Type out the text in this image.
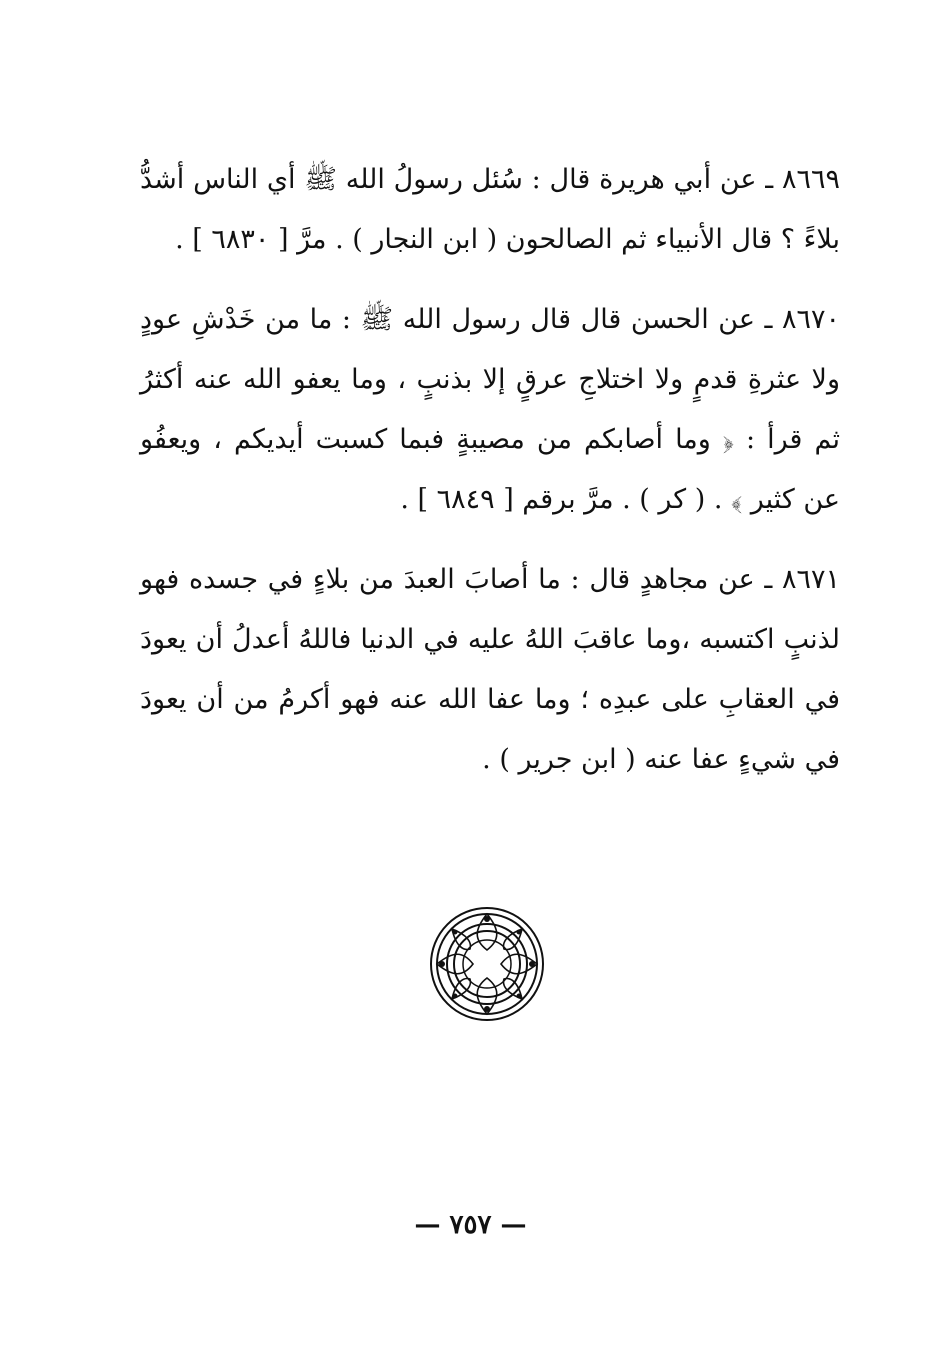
٨٦٦٩ ـ عن أبي هريرة قال : سُئل رسولُ الله ﷺ أي الناس أشدُّ بلاءً ؟ قال الأنبياء ثم الصالحون ( ابن النجار ) . مرَّ [ ٦٨٣٠ ] .

٨٦٧٠ ـ عن الحسن قال قال رسول الله ﷺ : ما من خَدْشِ عودٍ ولا عثرةِ قدمٍ ولا اختلاجِ عرقٍ إلا بذنبٍ ، وما يعفو الله عنه أكثرُ ثم قرأ : ﴿ وما أصابكم من مصيبةٍ فبما كسبت أيديكم ، ويعفُو عن كثير ﴾ . ( كر ) . مرَّ برقم [ ٦٨٤٩ ] .

٨٦٧١ ـ عن مجاهدٍ قال : ما أصابَ العبدَ من بلاءٍ في جسده فهو لذنبٍ اكتسبه ،وما عاقبَ اللهُ عليه في الدنيا فاللهُ أعدلُ أن يعودَ في العقابِ على عبدِه ؛ وما عفا الله عنه فهو أكرمُ من أن يعودَ في شيءٍ عفا عنه ( ابن جرير ) .

— ٧٥٧ —
